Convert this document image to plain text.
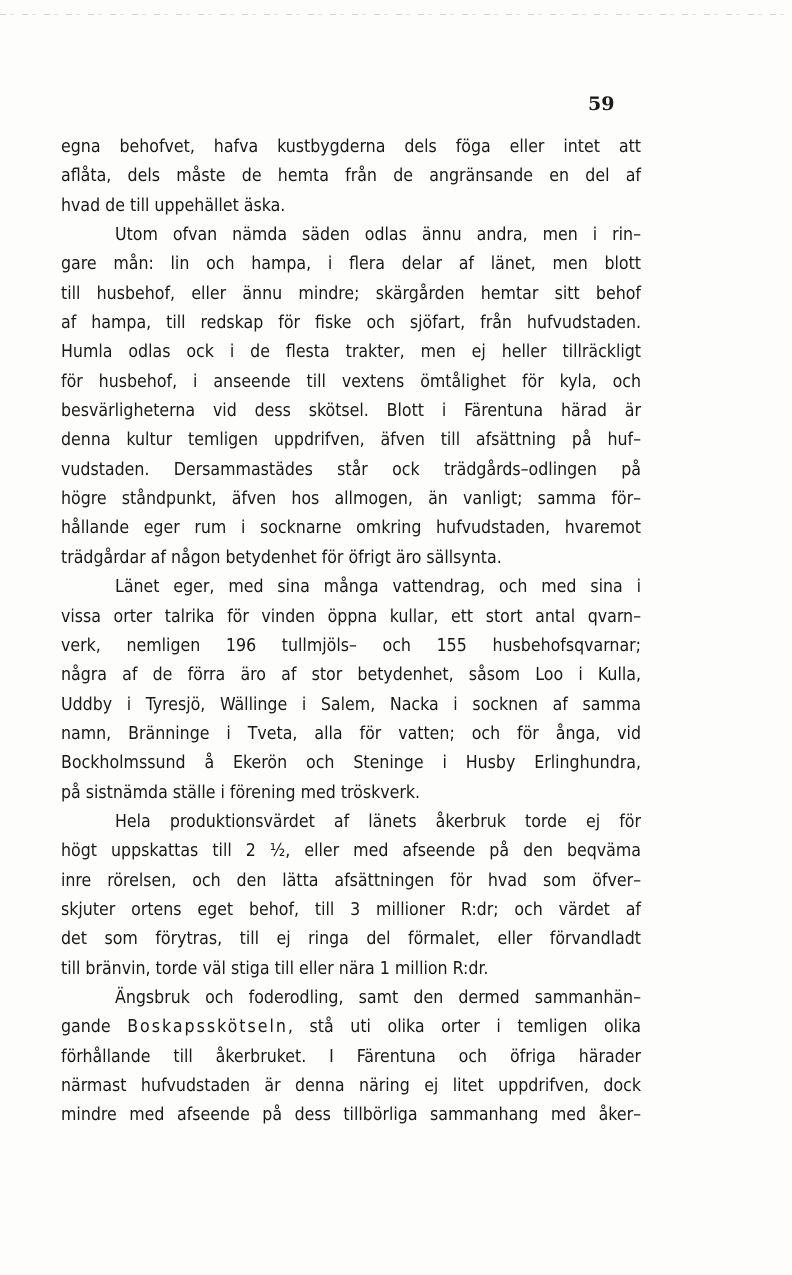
59
egna behofvet, hafva kustbygderna dels föga eller intet att
aflåta, dels måste de hemta från de angränsande en del af
hvad de till uppehället äska.
Utom ofvan nämda säden odlas ännu andra, men i rin–
gare mån: lin och hampa, i flera delar af länet, men blott
till husbehof, eller ännu mindre; skärgården hemtar sitt behof
af hampa, till redskap för fiske och sjöfart, från hufvudstaden.
Humla odlas ock i de flesta trakter, men ej heller tillräckligt
för husbehof, i anseende till vextens ömtålighet för kyla, och
besvärligheterna vid dess skötsel. Blott i Färentuna härad är
denna kultur temligen uppdrifven, äfven till afsättning på huf–
vudstaden. Dersammastädes står ock trädgårds–odlingen på
högre ståndpunkt, äfven hos allmogen, än vanligt; samma för–
hållande eger rum i socknarne omkring hufvudstaden, hvaremot
trädgårdar af någon betydenhet för öfrigt äro sällsynta.
Länet eger, med sina många vattendrag, och med sina i
vissa orter talrika för vinden öppna kullar, ett stort antal qvarn–
verk, nemligen 196 tullmjöls– och 155 husbehofsqvarnar;
några af de förra äro af stor betydenhet, såsom Loo i Kulla,
Uddby i Tyresjö, Wällinge i Salem, Nacka i socknen af samma
namn, Bränninge i Tveta, alla för vatten; och för ånga, vid
Bockholmssund å Ekerön och Steninge i Husby Erlinghundra,
på sistnämda ställe i förening med tröskverk.
Hela produktionsvärdet af länets åkerbruk torde ej för
högt uppskattas till 2 ½, eller med afseende på den beqväma
inre rörelsen, och den lätta afsättningen för hvad som öfver–
skjuter ortens eget behof, till 3 millioner R:dr; och värdet af
det som förytras, till ej ringa del förmalet, eller förvandladt
till bränvin, torde väl stiga till eller nära 1 million R:dr.
Ängsbruk och foderodling, samt den dermed sammanhän–
gande Boskapsskötseln, stå uti olika orter i temligen olika
förhållande till åkerbruket. I Färentuna och öfriga härader
närmast hufvudstaden är denna näring ej litet uppdrifven, dock
mindre med afseende på dess tillbörliga sammanhang med åker–
